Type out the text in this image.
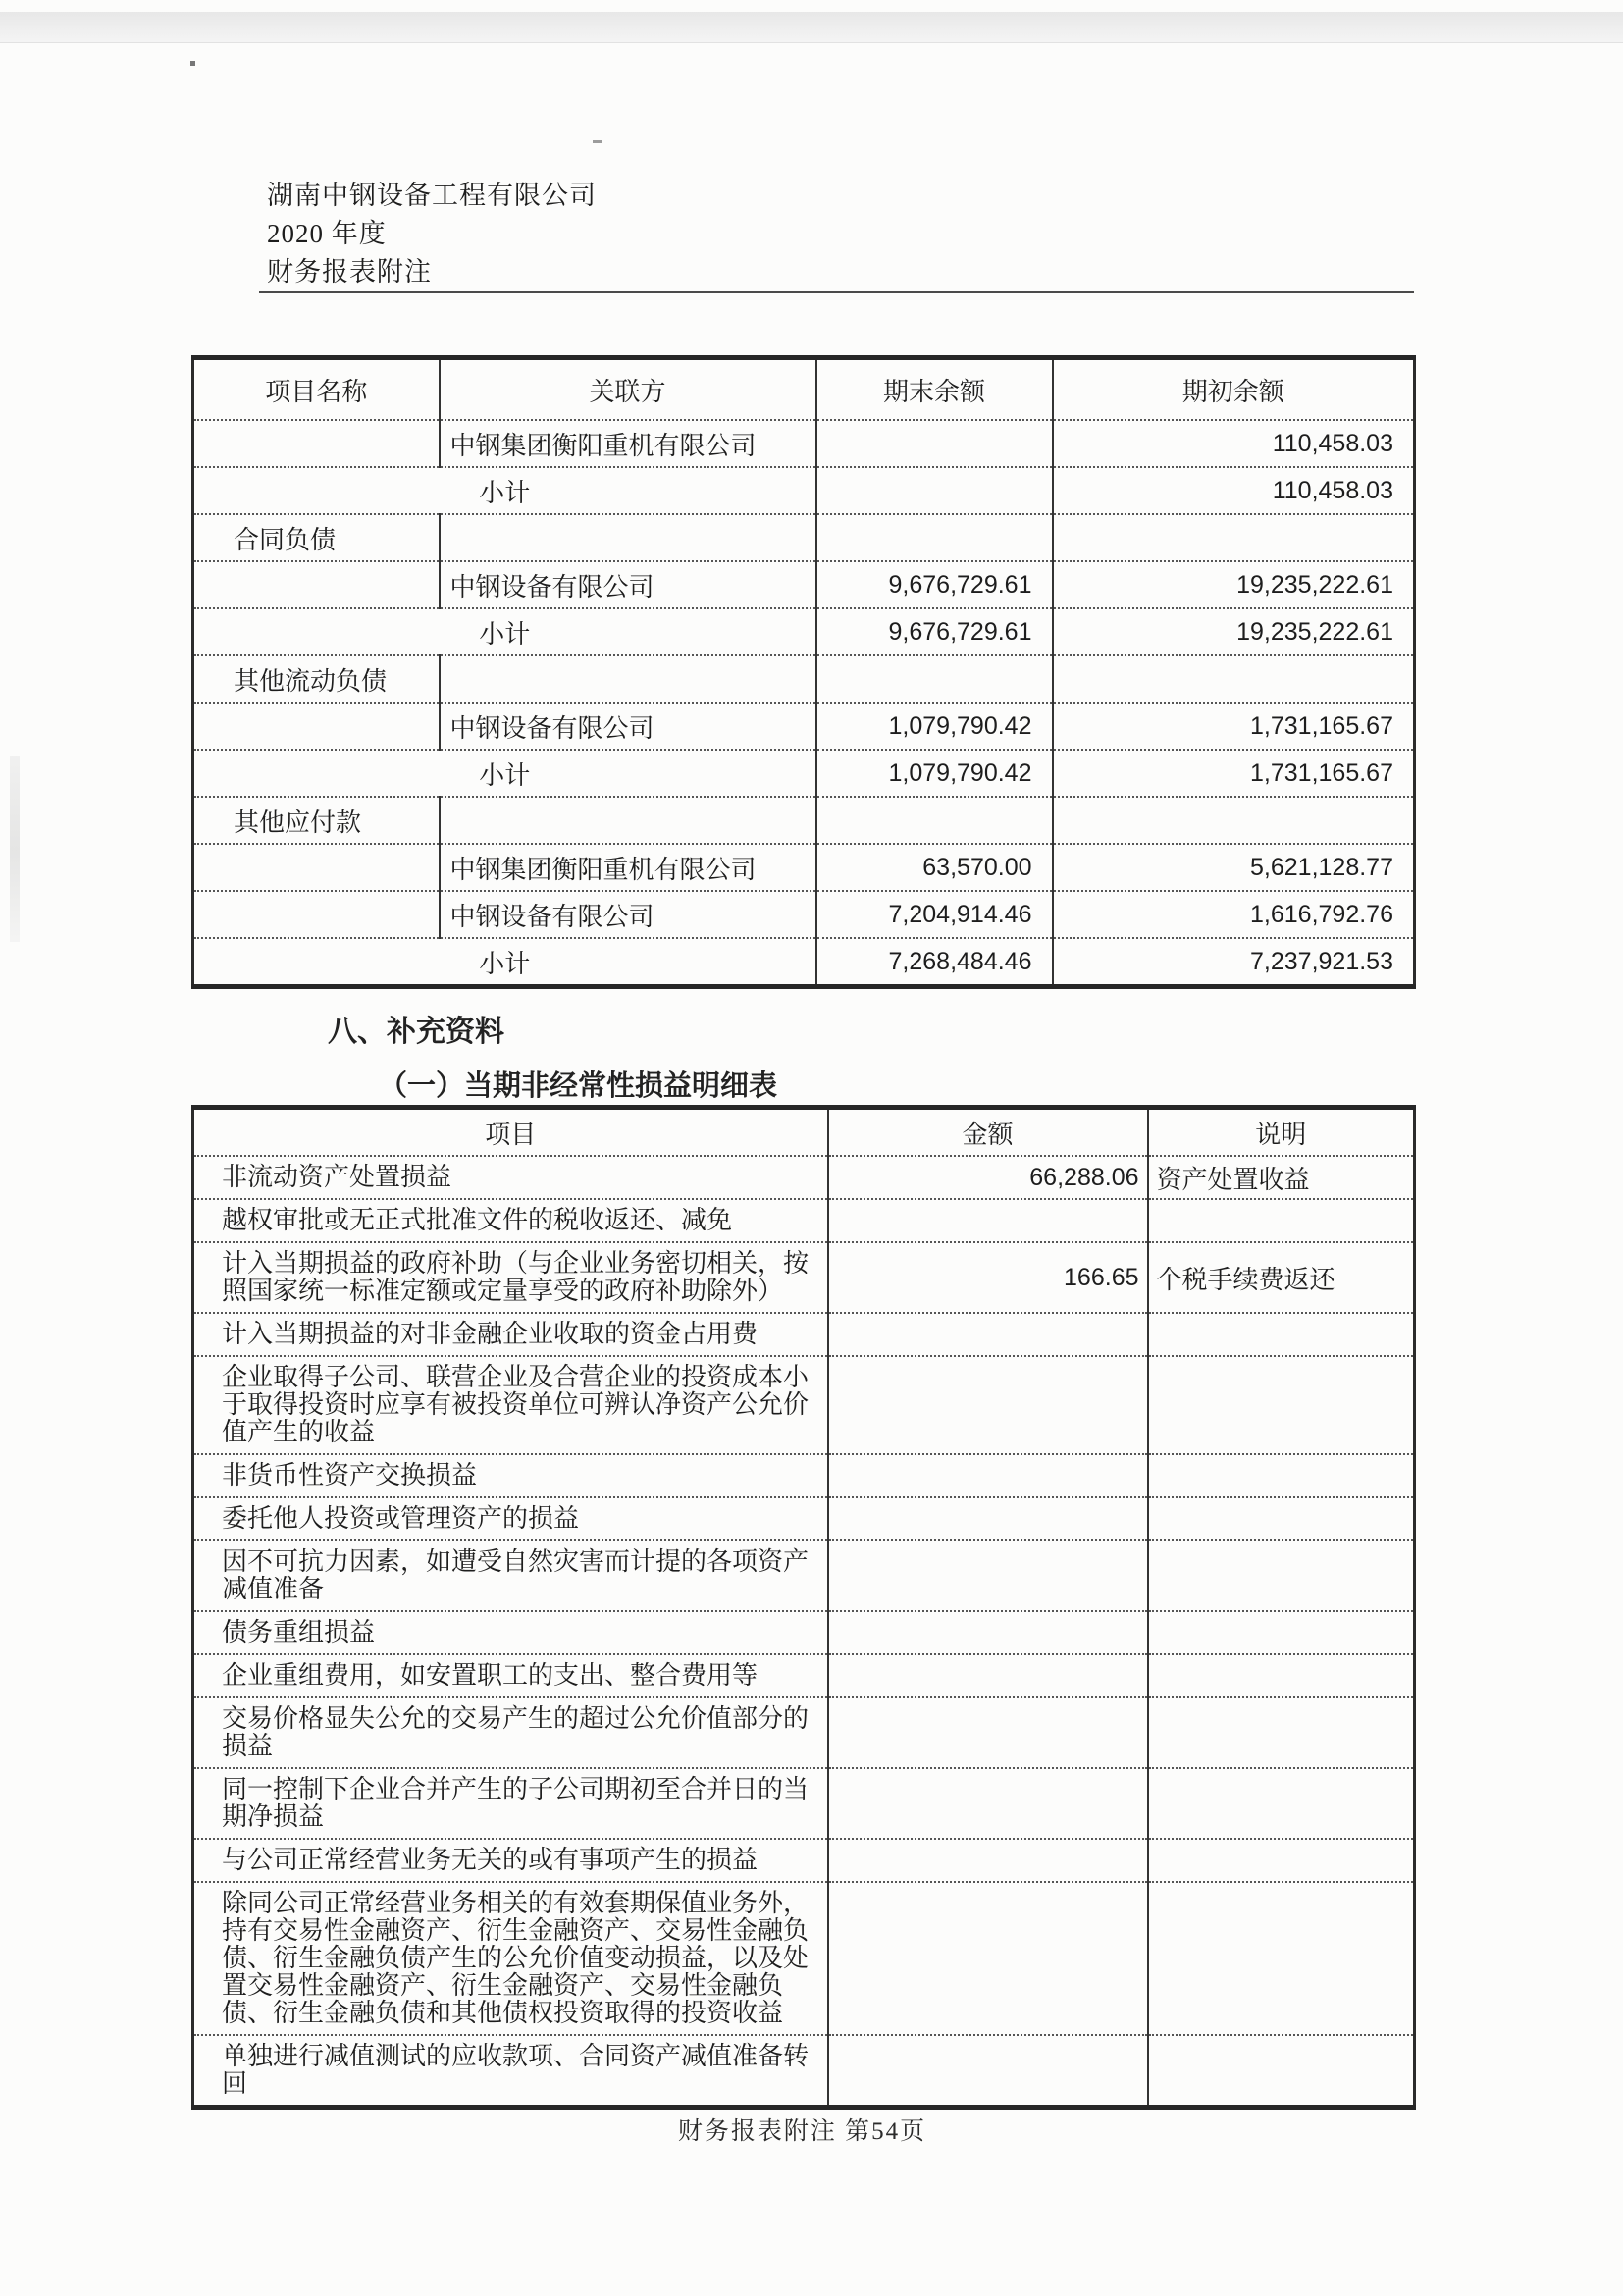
湖南中钢设备工程有限公司
2020 年度
财务报表附注
项目名称	关联方	期末余额	期初余额
	中钢集团衡阳重机有限公司		110,458.03
小计			110,458.03
合同负债			
	中钢设备有限公司	9,676,729.61	19,235,222.61
小计		9,676,729.61	19,235,222.61
其他流动负债			
	中钢设备有限公司	1,079,790.42	1,731,165.67
小计		1,079,790.42	1,731,165.67
其他应付款			
	中钢集团衡阳重机有限公司	63,570.00	5,621,128.77
	中钢设备有限公司	7,204,914.46	1,616,792.76
小计		7,268,484.46	7,237,921.53
八、补充资料
（一）当期非经常性损益明细表
项目	金额	说明
非流动资产处置损益	66,288.06	资产处置收益
越权审批或无正式批准文件的税收返还、减免		
计入当期损益的政府补助（与企业业务密切相关，按照国家统一标准定额或定量享受的政府补助除外）	166.65	个税手续费返还
计入当期损益的对非金融企业收取的资金占用费		
企业取得子公司、联营企业及合营企业的投资成本小于取得投资时应享有被投资单位可辨认净资产公允价值产生的收益		
非货币性资产交换损益		
委托他人投资或管理资产的损益		
因不可抗力因素，如遭受自然灾害而计提的各项资产减值准备		
债务重组损益		
企业重组费用，如安置职工的支出、整合费用等		
交易价格显失公允的交易产生的超过公允价值部分的损益		
同一控制下企业合并产生的子公司期初至合并日的当期净损益		
与公司正常经营业务无关的或有事项产生的损益		
除同公司正常经营业务相关的有效套期保值业务外，持有交易性金融资产、衍生金融资产、交易性金融负债、衍生金融负债产生的公允价值变动损益，以及处置交易性金融资产、衍生金融资产、交易性金融负债、衍生金融负债和其他债权投资取得的投资收益		
单独进行减值测试的应收款项、合同资产减值准备转回		
财务报表附注 第54页
